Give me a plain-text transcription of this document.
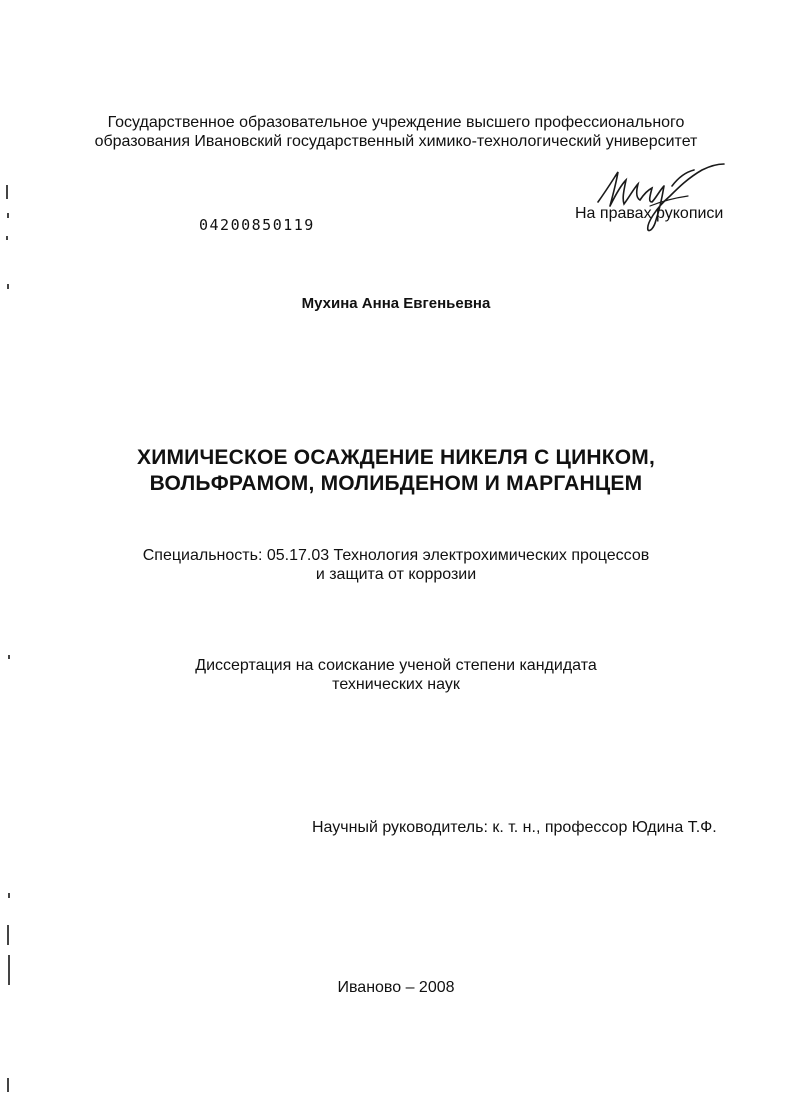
Государственное образовательное учреждение высшего профессионального
образования Ивановский государственный химико-технологический университет
04200850119
На правах рукописи
Мухина Анна Евгеньевна
ХИМИЧЕСКОЕ ОСАЖДЕНИЕ НИКЕЛЯ С ЦИНКОМ,
ВОЛЬФРАМОМ, МОЛИБДЕНОМ И МАРГАНЦЕМ
Специальность: 05.17.03 Технология электрохимических процессов
и защита от коррозии
Диссертация на соискание ученой степени кандидата
технических наук
Научный руководитель: к. т. н., профессор Юдина Т.Ф.
Иваново – 2008
